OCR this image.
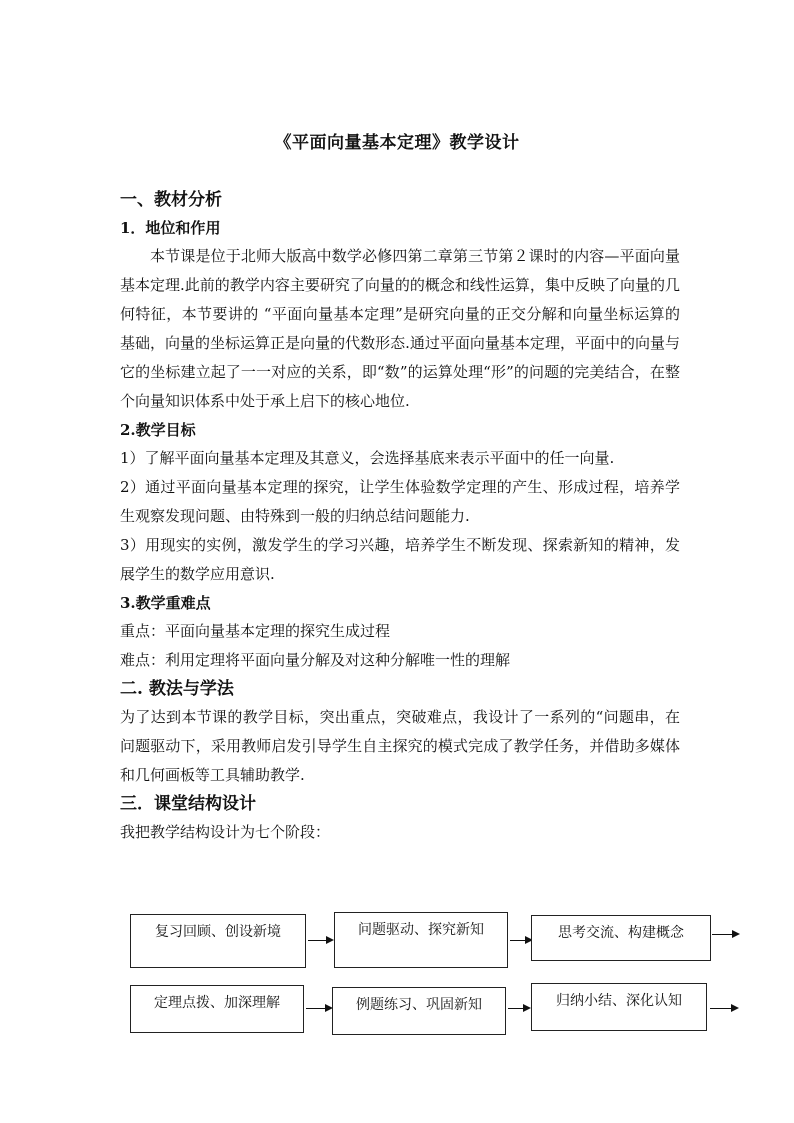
《平面向量基本定理》教学设计
一、教材分析
1．地位和作用

本节课是位于北师大版高中数学必修四第二章第三节第２课时的内容—平面向量基本定理.此前的教学内容主要研究了向量的的概念和线性运算，集中反映了向量的几何特征，本节要讲的 “平面向量基本定理”是研究向量的正交分解和向量坐标运算的基础，向量的坐标运算正是向量的代数形态.通过平面向量基本定理，平面中的向量与它的坐标建立起了一一对应的关系，即“数”的运算处理“形”的问题的完美结合，在整个向量知识体系中处于承上启下的核心地位.

2.教学目标

1）了解平面向量基本定理及其意义，会选择基底来表示平面中的任一向量.

2）通过平面向量基本定理的探究，让学生体验数学定理的产生、形成过程，培养学生观察发现问题、由特殊到一般的归纳总结问题能力.

3）用现实的实例，激发学生的学习兴趣，培养学生不断发现、探索新知的精神，发展学生的数学应用意识.

3.教学重难点

重点：平面向量基本定理的探究生成过程

难点：利用定理将平面向量分解及对这种分解唯一性的理解

二. 教法与学法

为了达到本节课的教学目标，突出重点，突破难点，我设计了一系列的“问题串，在问题驱动下，采用教师启发引导学生自主探究的模式完成了教学任务，并借助多媒体和几何画板等工具辅助教学.

三．课堂结构设计

我把教学结构设计为七个阶段：

复习回顾、创设新境	问题驱动、探究新知	思考交流、构建概念
定理点拨、加深理解	例题练习、巩固新知	归纳小结、深化认知
